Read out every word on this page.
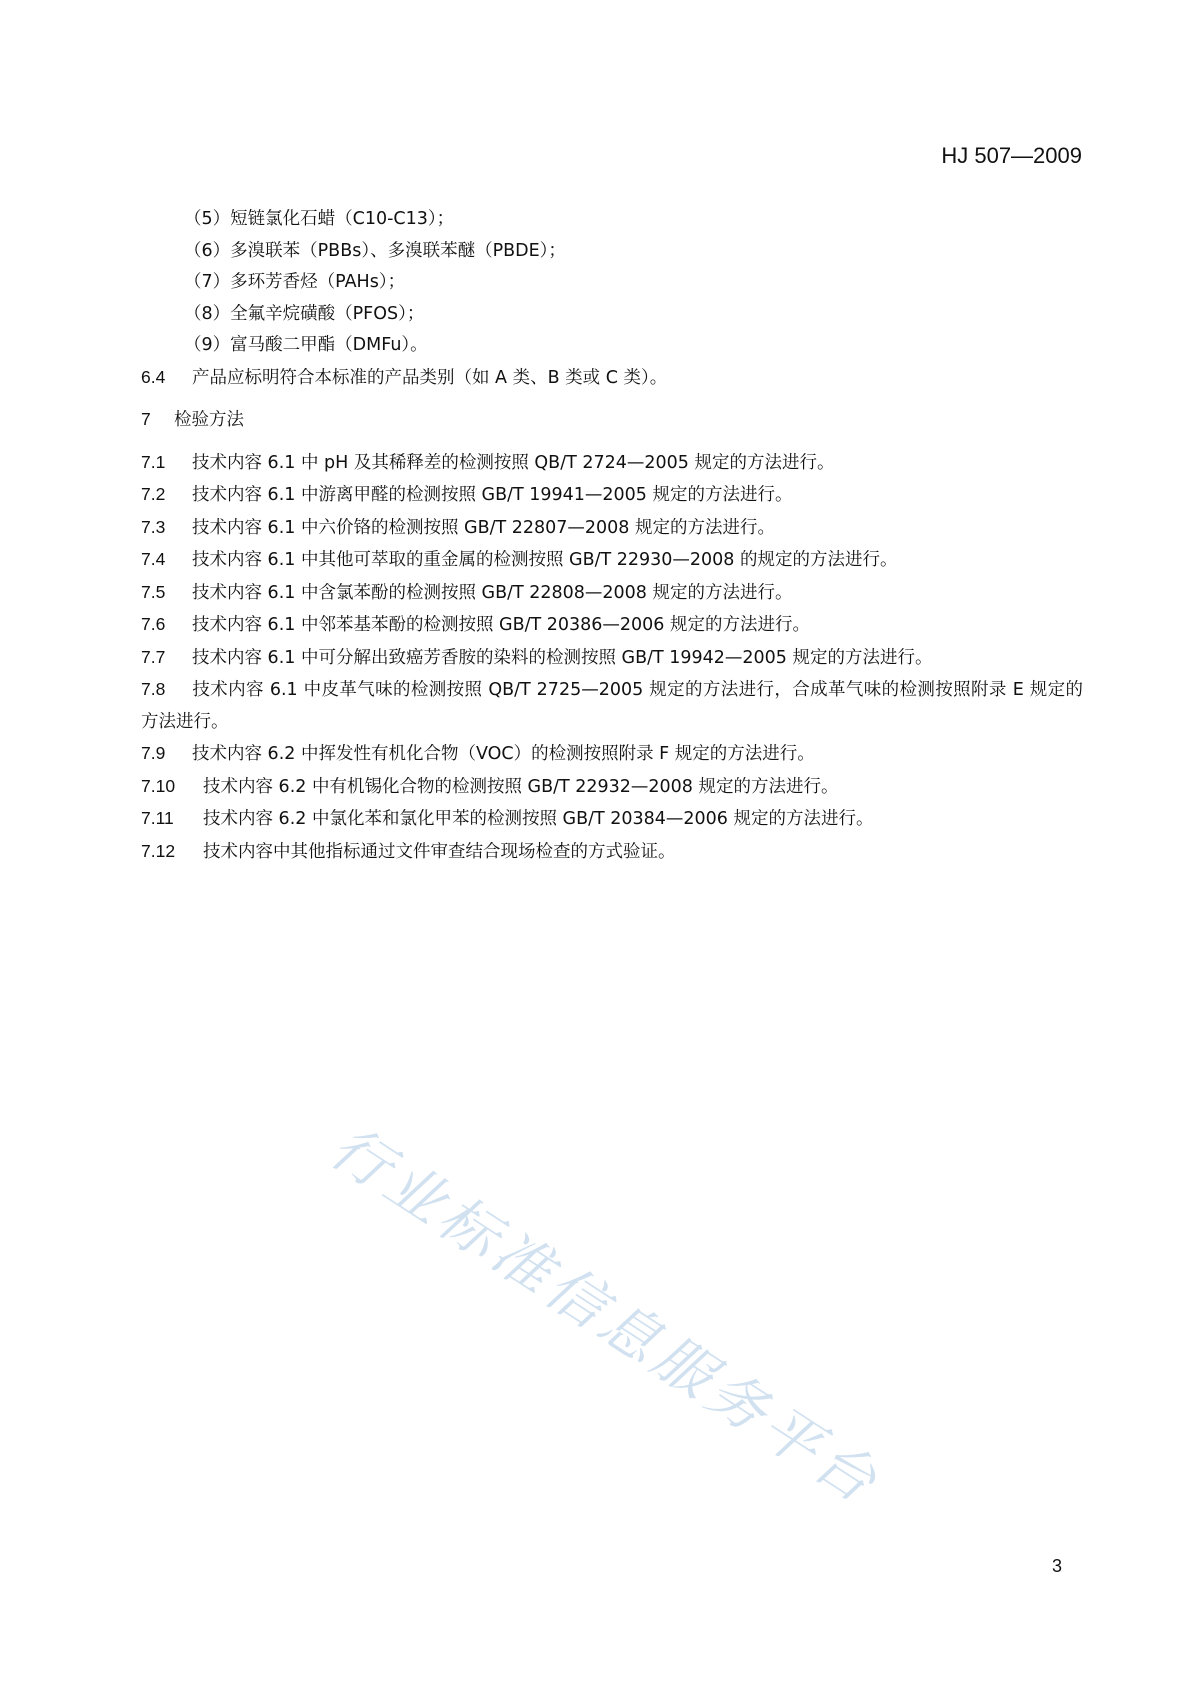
HJ 507—2009
（5）短链氯化石蜡（C10-C13）；
（6）多溴联苯（PBBs）、多溴联苯醚（PBDE）；
（7）多环芳香烃（PAHs）；
（8）全氟辛烷磺酸（PFOS）；
（9）富马酸二甲酯（DMFu）。
6.4 产品应标明符合本标准的产品类别（如 A 类、B 类或 C 类）。
7 检验方法
7.1 技术内容 6.1 中 pH 及其稀释差的检测按照 QB/T 2724—2005 规定的方法进行。
7.2 技术内容 6.1 中游离甲醛的检测按照 GB/T 19941—2005 规定的方法进行。
7.3 技术内容 6.1 中六价铬的检测按照 GB/T 22807—2008 规定的方法进行。
7.4 技术内容 6.1 中其他可萃取的重金属的检测按照 GB/T 22930—2008 的规定的方法进行。
7.5 技术内容 6.1 中含氯苯酚的检测按照 GB/T 22808—2008 规定的方法进行。
7.6 技术内容 6.1 中邻苯基苯酚的检测按照 GB/T 20386—2006 规定的方法进行。
7.7 技术内容 6.1 中可分解出致癌芳香胺的染料的检测按照 GB/T 19942—2005 规定的方法进行。
7.8 技术内容 6.1 中皮革气味的检测按照 QB/T 2725—2005 规定的方法进行，合成革气味的检测按照附录 E 规定的方法进行。
7.9 技术内容 6.2 中挥发性有机化合物（VOC）的检测按照附录 F 规定的方法进行。
7.10 技术内容 6.2 中有机锡化合物的检测按照 GB/T 22932—2008 规定的方法进行。
7.11 技术内容 6.2 中氯化苯和氯化甲苯的检测按照 GB/T 20384—2006 规定的方法进行。
7.12 技术内容中其他指标通过文件审查结合现场检查的方式验证。
行业标准信息服务平台
3
